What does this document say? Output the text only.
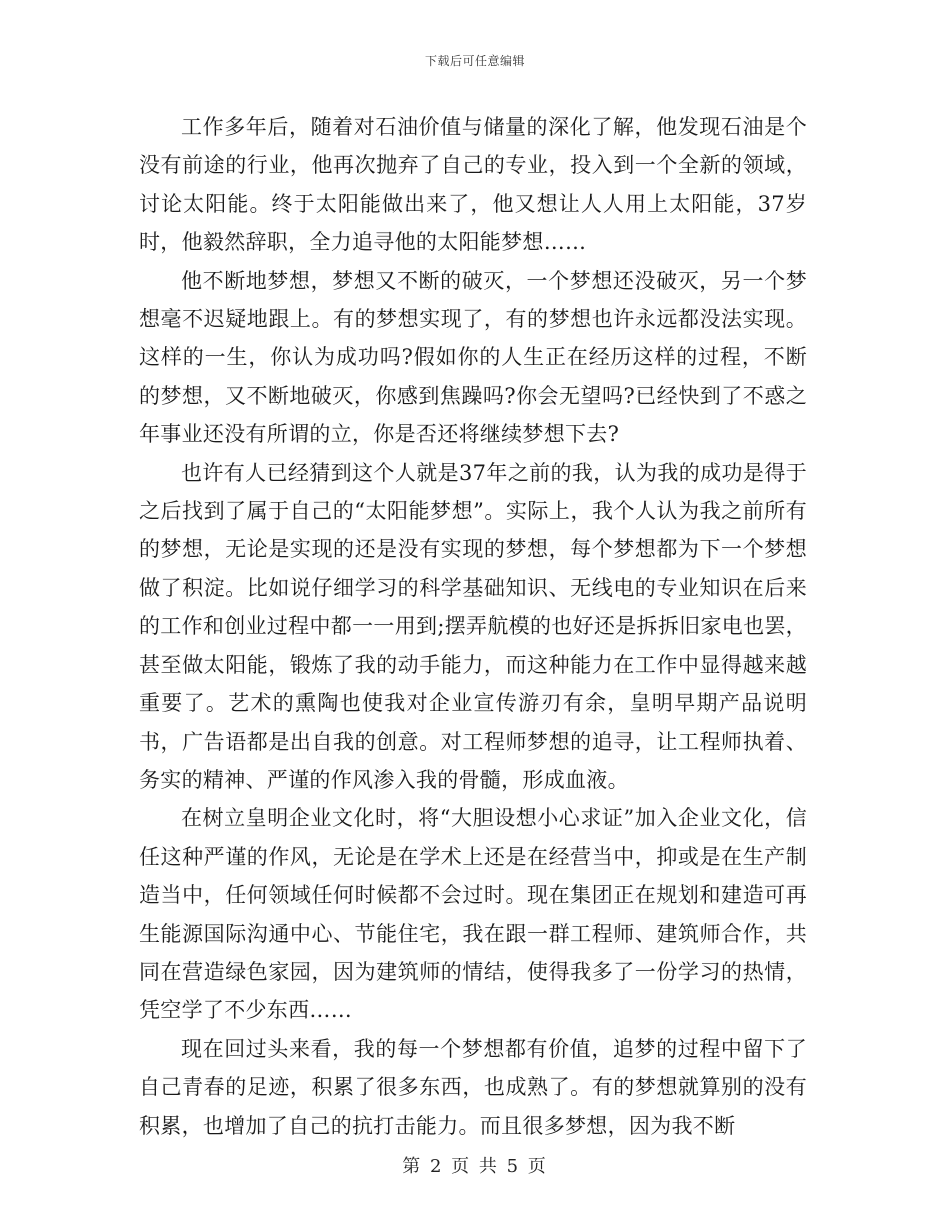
下载后可任意编辑

工作多年后，随着对石油价值与储量的深化了解，他发现石油是个没有前途的行业，他再次抛弃了自己的专业，投入到一个全新的领域，讨论太阳能。终于太阳能做出来了，他又想让人人用上太阳能，37岁时，他毅然辞职，全力追寻他的太阳能梦想……

他不断地梦想，梦想又不断的破灭，一个梦想还没破灭，另一个梦想毫不迟疑地跟上。有的梦想实现了，有的梦想也许永远都没法实现。这样的一生，你认为成功吗?假如你的人生正在经历这样的过程，不断的梦想，又不断地破灭，你感到焦躁吗?你会无望吗?已经快到了不惑之年事业还没有所谓的立，你是否还将继续梦想下去?

也许有人已经猜到这个人就是37年之前的我，认为我的成功是得于之后找到了属于自己的“太阳能梦想”。实际上，我个人认为我之前所有的梦想，无论是实现的还是没有实现的梦想，每个梦想都为下一个梦想做了积淀。比如说仔细学习的科学基础知识、无线电的专业知识在后来的工作和创业过程中都一一用到;摆弄航模的也好还是拆拆旧家电也罢，甚至做太阳能，锻炼了我的动手能力，而这种能力在工作中显得越来越重要了。艺术的熏陶也使我对企业宣传游刃有余，皇明早期产品说明书，广告语都是出自我的创意。对工程师梦想的追寻，让工程师执着、务实的精神、严谨的作风渗入我的骨髓，形成血液。

在树立皇明企业文化时，将“大胆设想小心求证”加入企业文化，信任这种严谨的作风，无论是在学术上还是在经营当中，抑或是在生产制造当中，任何领域任何时候都不会过时。现在集团正在规划和建造可再生能源国际沟通中心、节能住宅，我在跟一群工程师、建筑师合作，共同在营造绿色家园，因为建筑师的情结，使得我多了一份学习的热情，凭空学了不少东西……

现在回过头来看，我的每一个梦想都有价值，追梦的过程中留下了自己青春的足迹，积累了很多东西，也成熟了。有的梦想就算别的没有积累，也增加了自己的抗打击能力。而且很多梦想，因为我不断

第 2 页 共 5 页
